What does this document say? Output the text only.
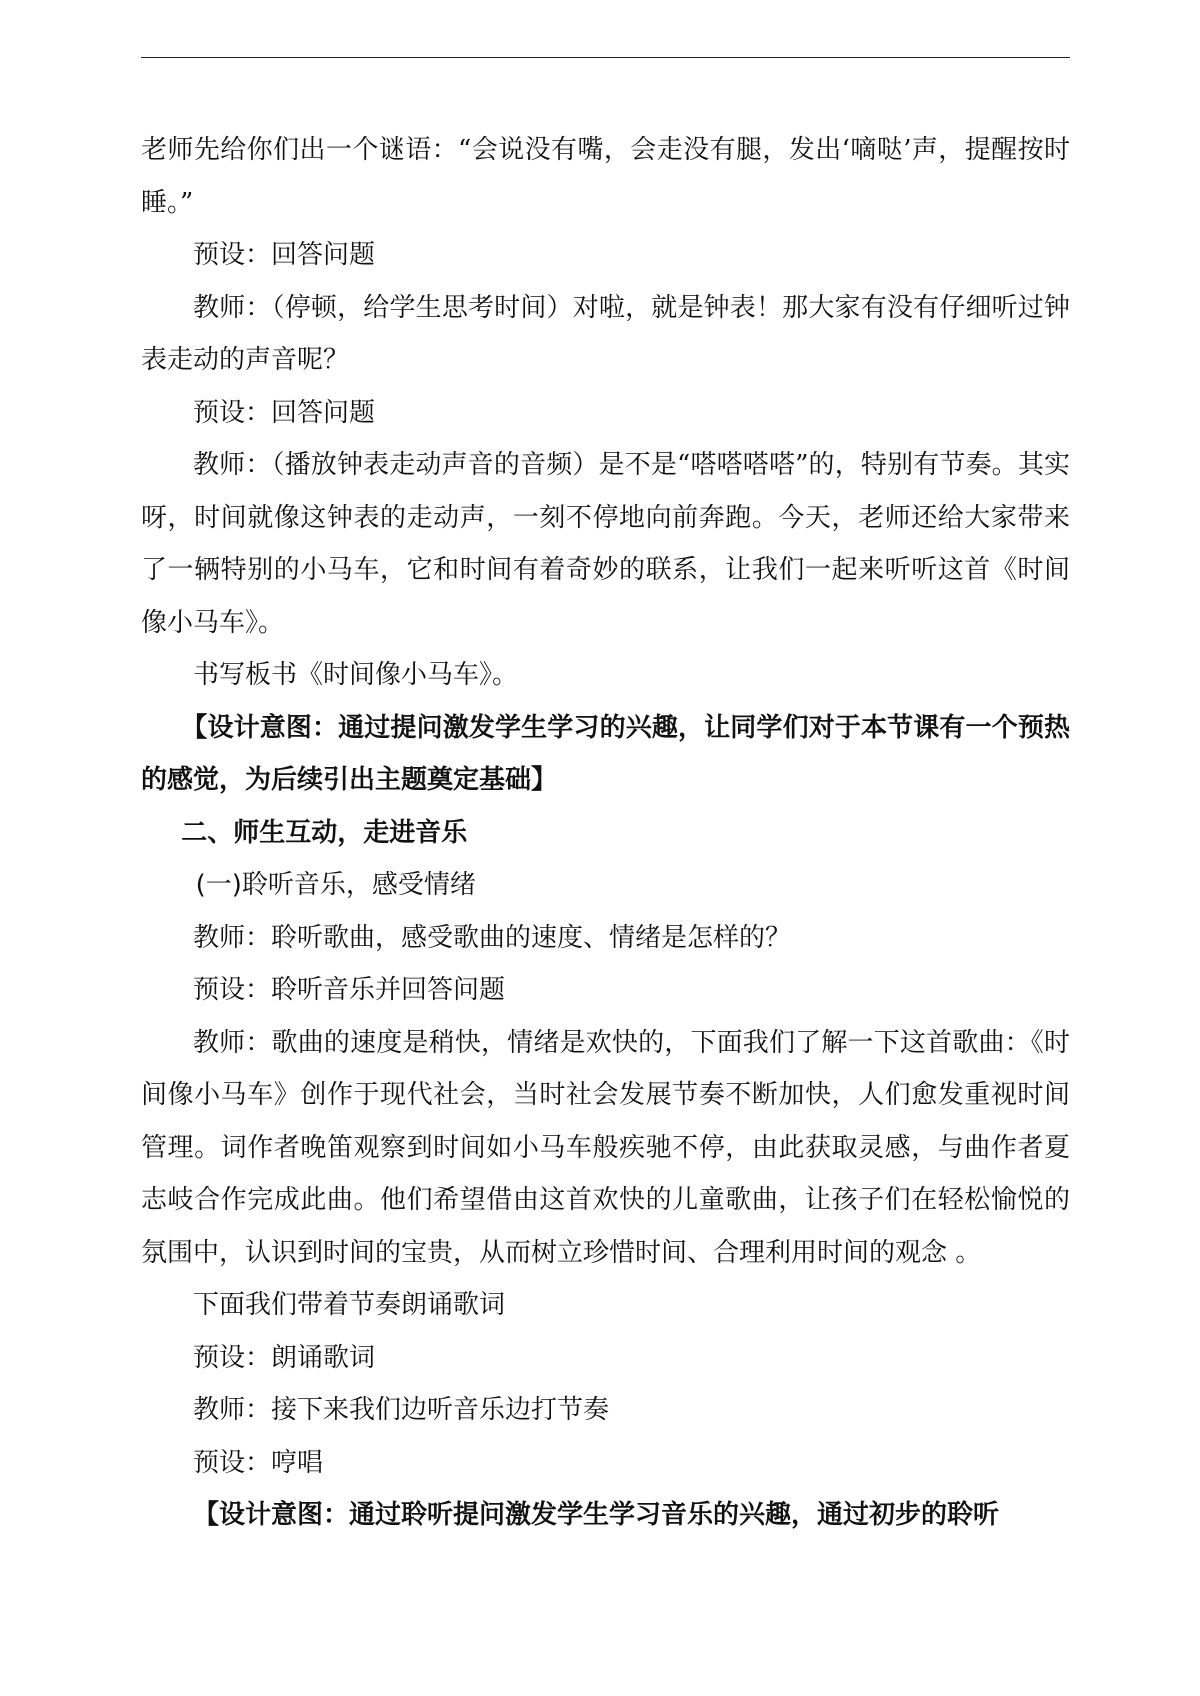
老师先给你们出一个谜语：“会说没有嘴，会走没有腿，发出‘嘀哒’声，提醒按时睡。”

预设：回答问题

教师：（停顿，给学生思考时间）对啦，就是钟表！那大家有没有仔细听过钟表走动的声音呢？

预设：回答问题

教师：（播放钟表走动声音的音频）是不是“嗒嗒嗒嗒”的，特别有节奏。其实呀，时间就像这钟表的走动声，一刻不停地向前奔跑。今天，老师还给大家带来了一辆特别的小马车，它和时间有着奇妙的联系，让我们一起来听听这首《时间像小马车》。

书写板书《时间像小马车》。

【设计意图：通过提问激发学生学习的兴趣，让同学们对于本节课有一个预热的感觉，为后续引出主题奠定基础】

二、师生互动，走进音乐

(一)聆听音乐，感受情绪

教师：聆听歌曲，感受歌曲的速度、情绪是怎样的？

预设：聆听音乐并回答问题

教师：歌曲的速度是稍快，情绪是欢快的，下面我们了解一下这首歌曲：《时间像小马车》创作于现代社会，当时社会发展节奏不断加快，人们愈发重视时间管理。词作者晚笛观察到时间如小马车般疾驰不停，由此获取灵感，与曲作者夏志岐合作完成此曲。他们希望借由这首欢快的儿童歌曲，让孩子们在轻松愉悦的氛围中，认识到时间的宝贵，从而树立珍惜时间、合理利用时间的观念 。

下面我们带着节奏朗诵歌词

预设：朗诵歌词

教师：接下来我们边听音乐边打节奏

预设：哼唱

【设计意图：通过聆听提问激发学生学习音乐的兴趣，通过初步的聆听
